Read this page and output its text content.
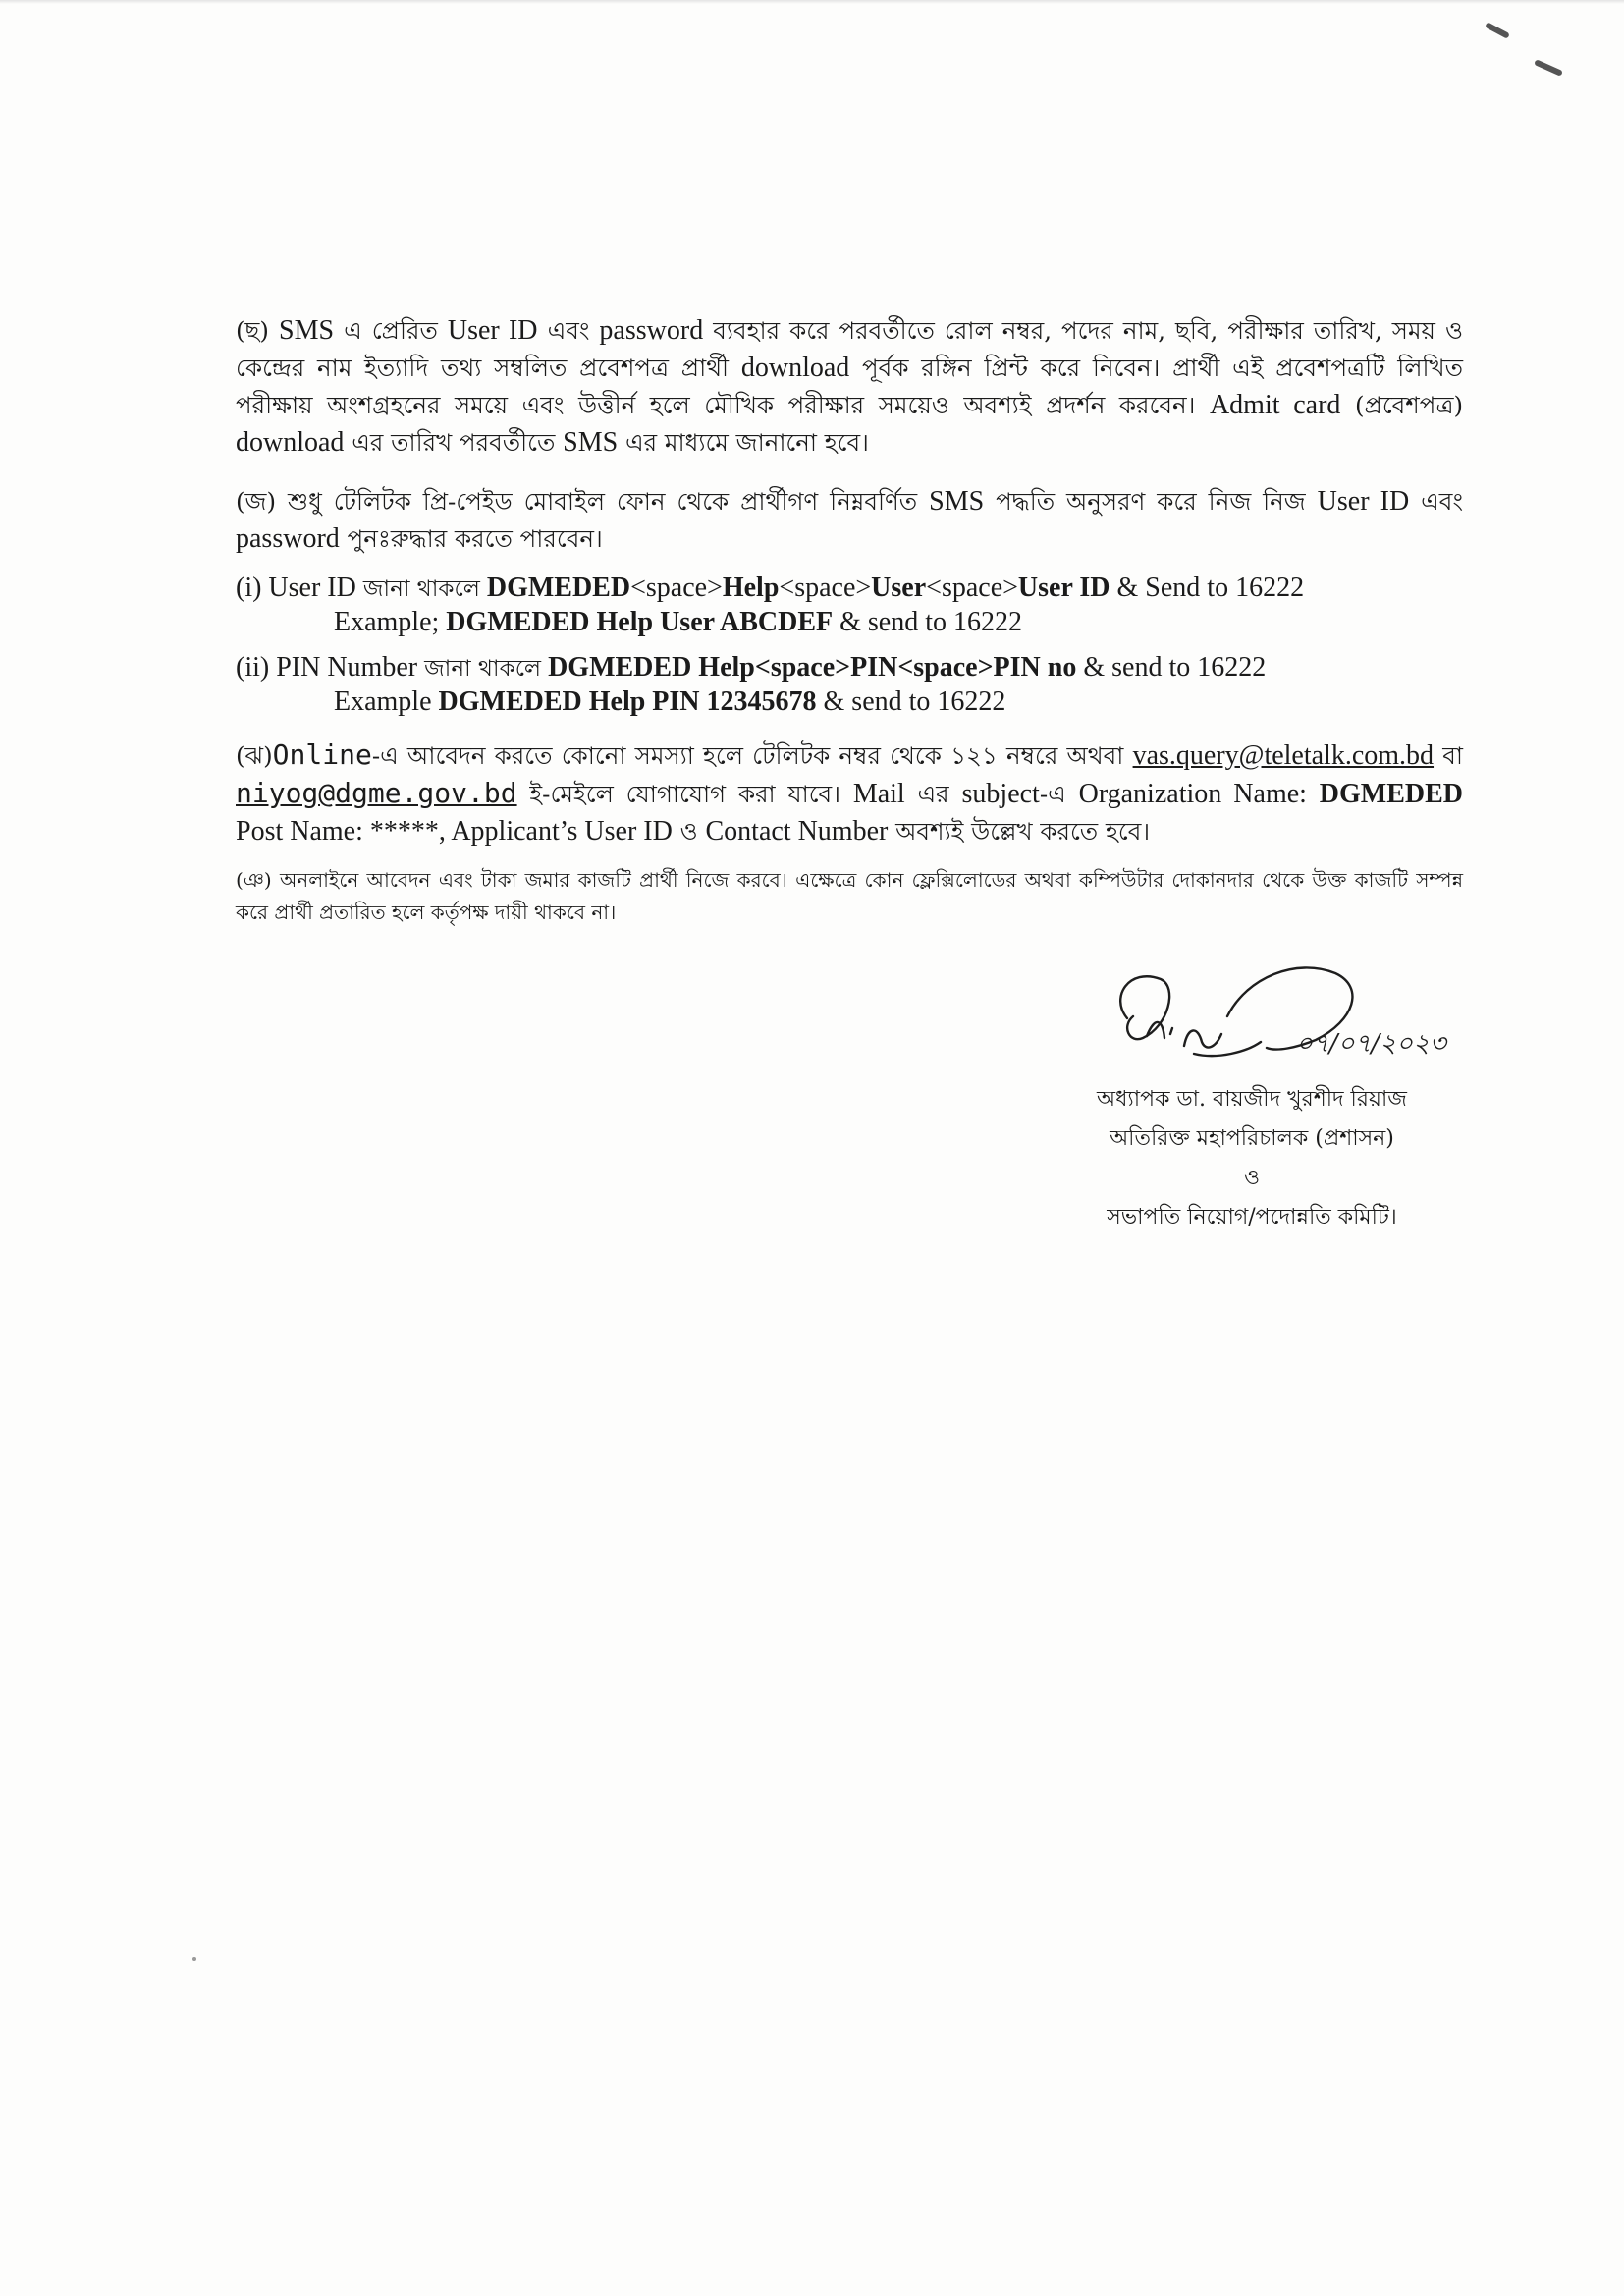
(ছ) SMS এ প্রেরিত User ID এবং password ব্যবহার করে পরবর্তীতে রোল নম্বর, পদের নাম, ছবি, পরীক্ষার তারিখ, সময় ও কেন্দ্রের নাম ইত্যাদি তথ্য সম্বলিত প্রবেশপত্র প্রার্থী download পূর্বক রঙ্গিন প্রিন্ট করে নিবেন। প্রার্থী এই প্রবেশপত্রটি লিখিত পরীক্ষায় অংশগ্রহনের সময়ে এবং উত্তীর্ন হলে মৌখিক পরীক্ষার সময়েও অবশ্যই প্রদর্শন করবেন। Admit card (প্রবেশপত্র) download এর তারিখ পরবর্তীতে SMS এর মাধ্যমে জানানো হবে।

(জ) শুধু টেলিটক প্রি-পেইড মোবাইল ফোন থেকে প্রার্থীগণ নিম্নবর্ণিত SMS পদ্ধতি অনুসরণ করে নিজ নিজ User ID এবং password পুনঃরুদ্ধার করতে পারবেন।

(i) User ID জানা থাকলে DGMEDED<space>Help<space>User<space>User ID & Send to 16222

Example; DGMEDED Help User ABCDEF & send to 16222

(ii) PIN Number জানা থাকলে DGMEDED Help<space>PIN<space>PIN no & send to 16222

Example DGMEDED Help PIN 12345678 & send to 16222

(ঝ)Online-এ আবেদন করতে কোনো সমস্যা হলে টেলিটক নম্বর থেকে ১২১ নম্বরে অথবা vas.query@teletalk.com.bd বা niyog@dgme.gov.bd ই-মেইলে যোগাযোগ করা যাবে। Mail এর subject-এ Organization Name: DGMEDED Post Name: *****, Applicant’s User ID ও Contact Number অবশ্যই উল্লেখ করতে হবে।

(ঞ) অনলাইনে আবেদন এবং টাকা জমার কাজটি প্রার্থী নিজে করবে। এক্ষেত্রে কোন ফ্লেক্সিলোডের অথবা কম্পিউটার দোকানদার থেকে উক্ত কাজটি সম্পন্ন করে প্রার্থী প্রতারিত হলে কর্তৃপক্ষ দায়ী থাকবে না।

০৭/০৭/২০২৩
অধ্যাপক ডা. বায়জীদ খুরশীদ রিয়াজ
অতিরিক্ত মহাপরিচালক (প্রশাসন)
ও
সভাপতি নিয়োগ/পদোন্নতি কমিটি।
